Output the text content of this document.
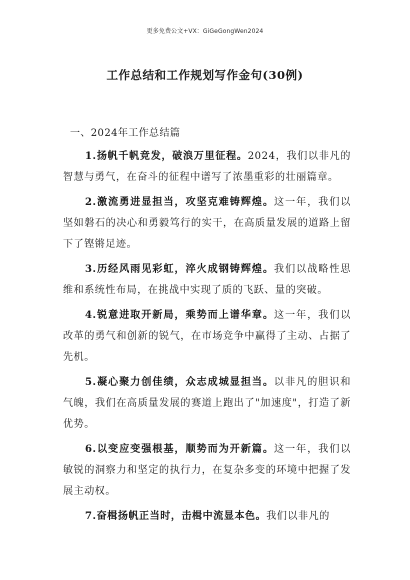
更多免费公文+VX：GiGeGongWen2024
工作总结和工作规划写作金句(30例)
一、2024年工作总结篇

1.扬帆千帆竞发，破浪万里征程。2024，我们以非凡的智慧与勇气，在奋斗的征程中谱写了浓墨重彩的壮丽篇章。

2.激流勇进显担当，攻坚克难铸辉煌。这一年，我们以坚如磐石的决心和勇毅笃行的实干，在高质量发展的道路上留下了铿锵足迹。

3.历经风雨见彩虹，淬火成钢铸辉煌。我们以战略性思维和系统性布局，在挑战中实现了质的飞跃、量的突破。

4.锐意进取开新局，乘势而上谱华章。这一年，我们以改革的勇气和创新的锐气，在市场竞争中赢得了主动、占据了先机。

5.凝心聚力创佳绩，众志成城显担当。以非凡的胆识和气魄，我们在高质量发展的赛道上跑出了"加速度"，打造了新优势。

6.以变应变强根基，顺势而为开新篇。这一年，我们以敏锐的洞察力和坚定的执行力，在复杂多变的环境中把握了发展主动权。

7.奋楫扬帆正当时，击楫中流显本色。我们以非凡的
